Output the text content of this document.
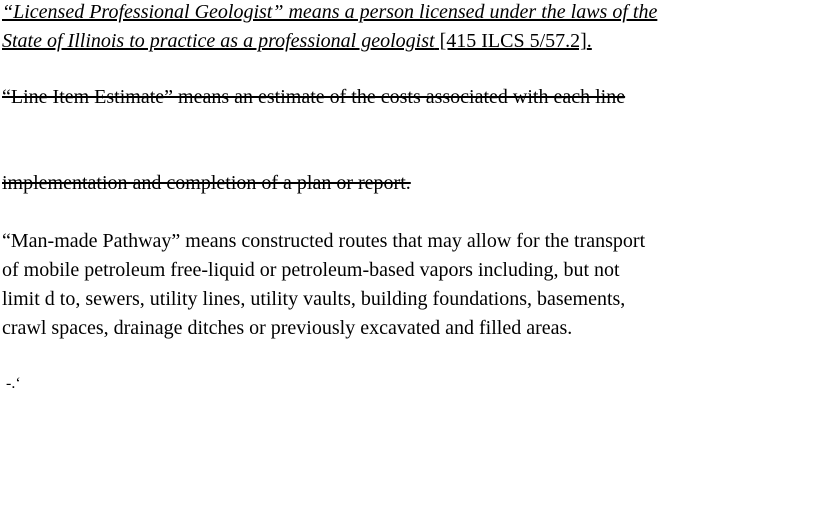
“Licensed Professional Geologist” means a person licensed under the laws of the
State of Illinois to practice as a professional geologist [415 ILCS 5/57.2].
“Line Item Estimate” means an estimate of the costs associated with each line
implementation and completion of a plan or report.
“Man-made Pathway” means constructed routes that may allow for the transport
of mobile petroleum free-liquid or petroleum-based vapors including, but not
limit d to, sewers, utility lines, utility vaults, building foundations, basements,
crawl spaces, drainage ditches or previously excavated and filled areas.
-.‘
